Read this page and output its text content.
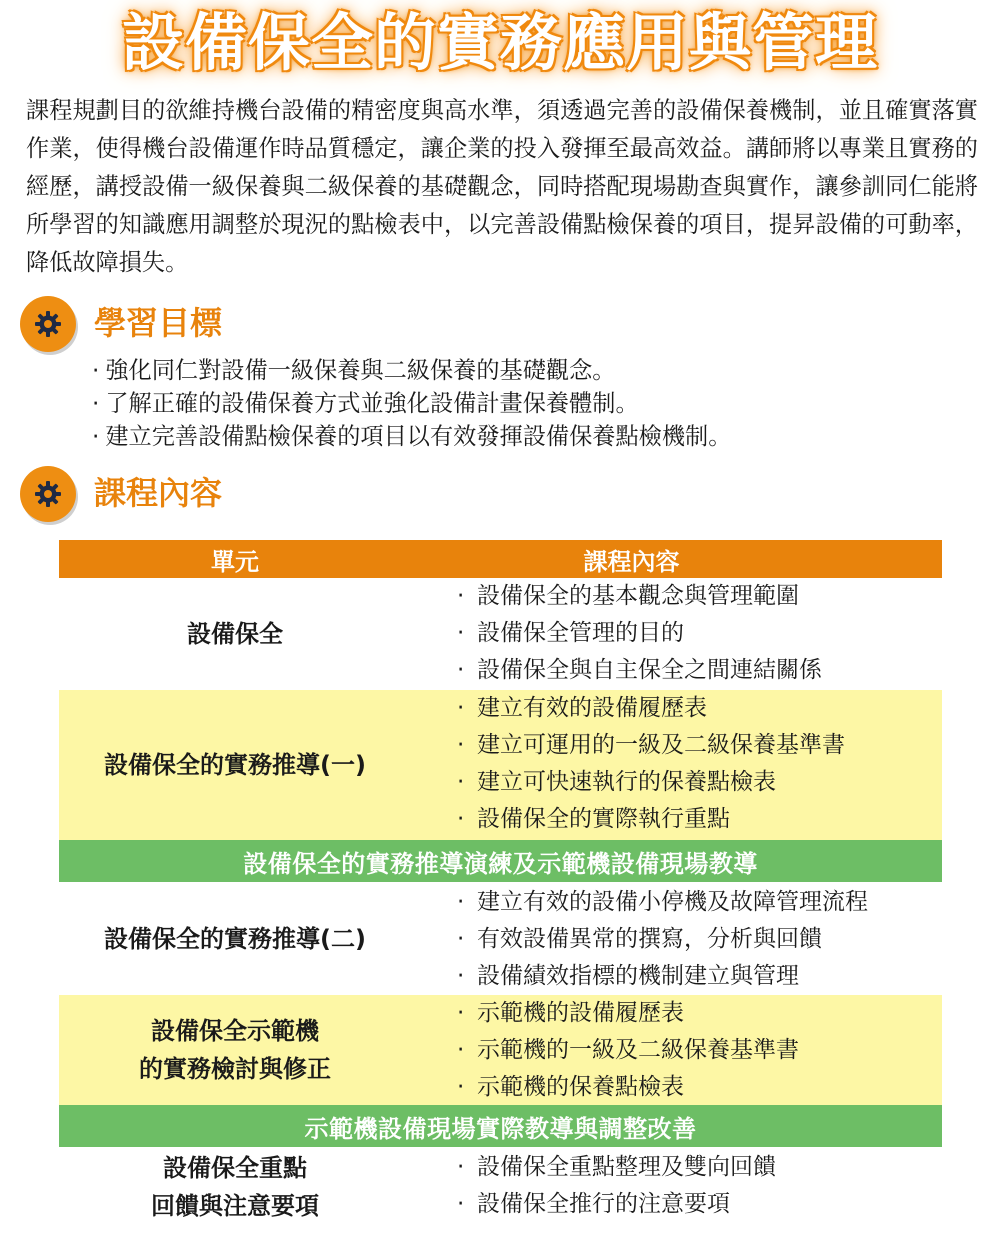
設備保全的實務應用與管理

課程規劃目的欲維持機台設備的精密度與高水準，須透過完善的設備保養機制，並且確實落實作業，使得機台設備運作時品質穩定，讓企業的投入發揮至最高效益。講師將以專業且實務的經歷，講授設備一級保養與二級保養的基礎觀念，同時搭配現場勘查與實作，讓參訓同仁能將所學習的知識應用調整於現況的點檢表中，以完善設備點檢保養的項目，提昇設備的可動率，降低故障損失。

學習目標
· 強化同仁對設備一級保養與二級保養的基礎觀念。
· 了解正確的設備保養方式並強化設備計畫保養體制。
· 建立完善設備點檢保養的項目以有效發揮設備保養點檢機制。
課程內容
單元	課程內容
設備保全
· 設備保全的基本觀念與管理範圍
· 設備保全管理的目的
· 設備保全與自主保全之間連結關係
設備保全的實務推導(一)
· 建立有效的設備履歷表
· 建立可運用的一級及二級保養基準書
· 建立可快速執行的保養點檢表
· 設備保全的實際執行重點
設備保全的實務推導演練及示範機設備現場教導
設備保全的實務推導(二)
· 建立有效的設備小停機及故障管理流程
· 有效設備異常的撰寫，分析與回饋
· 設備績效指標的機制建立與管理
設備保全示範機
的實務檢討與修正
· 示範機的設備履歷表
· 示範機的一級及二級保養基準書
· 示範機的保養點檢表
示範機設備現場實際教導與調整改善
設備保全重點
回饋與注意要項
· 設備保全重點整理及雙向回饋
· 設備保全推行的注意要項
